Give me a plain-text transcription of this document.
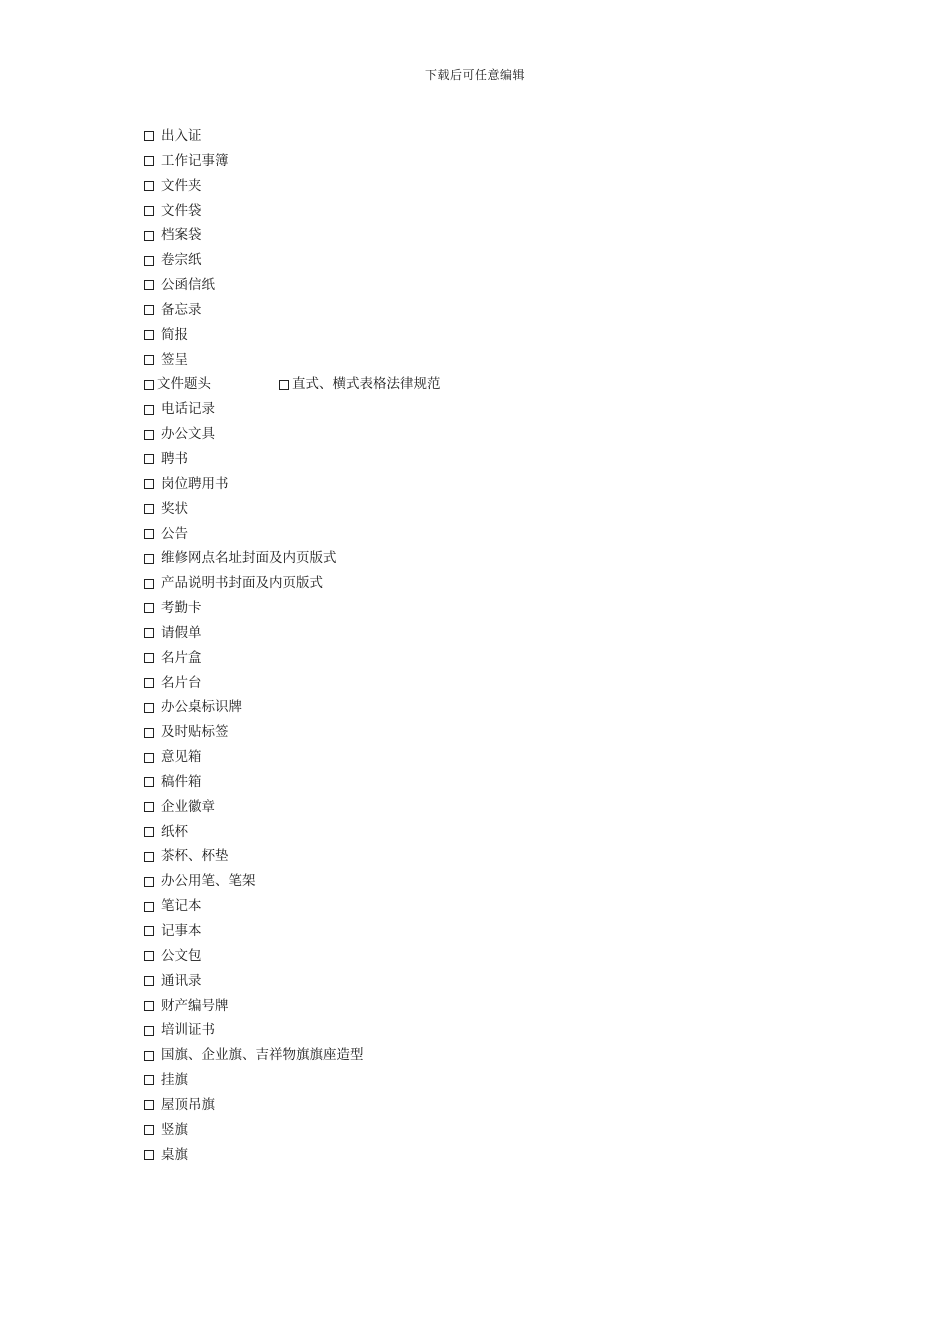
下载后可任意编辑
出入证
工作记事簿
文件夹
文件袋
档案袋
卷宗纸
公函信纸
备忘录
简报
签呈
文件题头	直式、横式表格法律规范
电话记录
办公文具
聘书
岗位聘用书
奖状
公告
维修网点名址封面及内页版式
产品说明书封面及内页版式
考勤卡
请假单
名片盒
名片台
办公桌标识牌
及时贴标签
意见箱
稿件箱
企业徽章
纸杯
茶杯、杯垫
办公用笔、笔架
笔记本
记事本
公文包
通讯录
财产编号牌
培训证书
国旗、企业旗、吉祥物旗旗座造型
挂旗
屋顶吊旗
竖旗
桌旗
